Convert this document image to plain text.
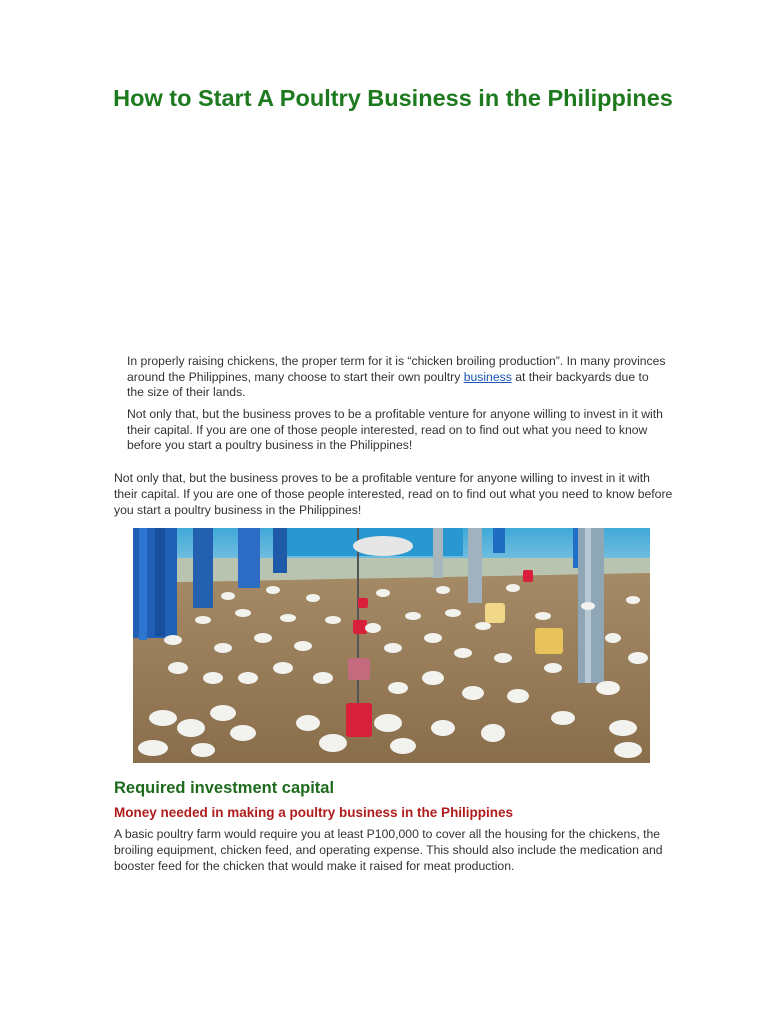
How to Start A Poultry Business in the Philippines

In properly raising chickens, the proper term for it is “chicken broiling production”. In many provinces around the Philippines, many choose to start their own poultry business at their backyards due to the size of their lands.

Not only that, but the business proves to be a profitable venture for anyone willing to invest in it with their capital. If you are one of those people interested, read on to find out what you need to know before you start a poultry business in the Philippines!

Not only that, but the business proves to be a profitable venture for anyone willing to invest in it with their capital. If you are one of those people interested, read on to find out what you need to know before you start a poultry business in the Philippines!

Required investment capital
Money needed in making a poultry business in the Philippines

A basic poultry farm would require you at least P100,000 to cover all the housing for the chickens, the broiling equipment, chicken feed, and operating expense. This should also include the medication and booster feed for the chicken that would make it raised for meat production.
